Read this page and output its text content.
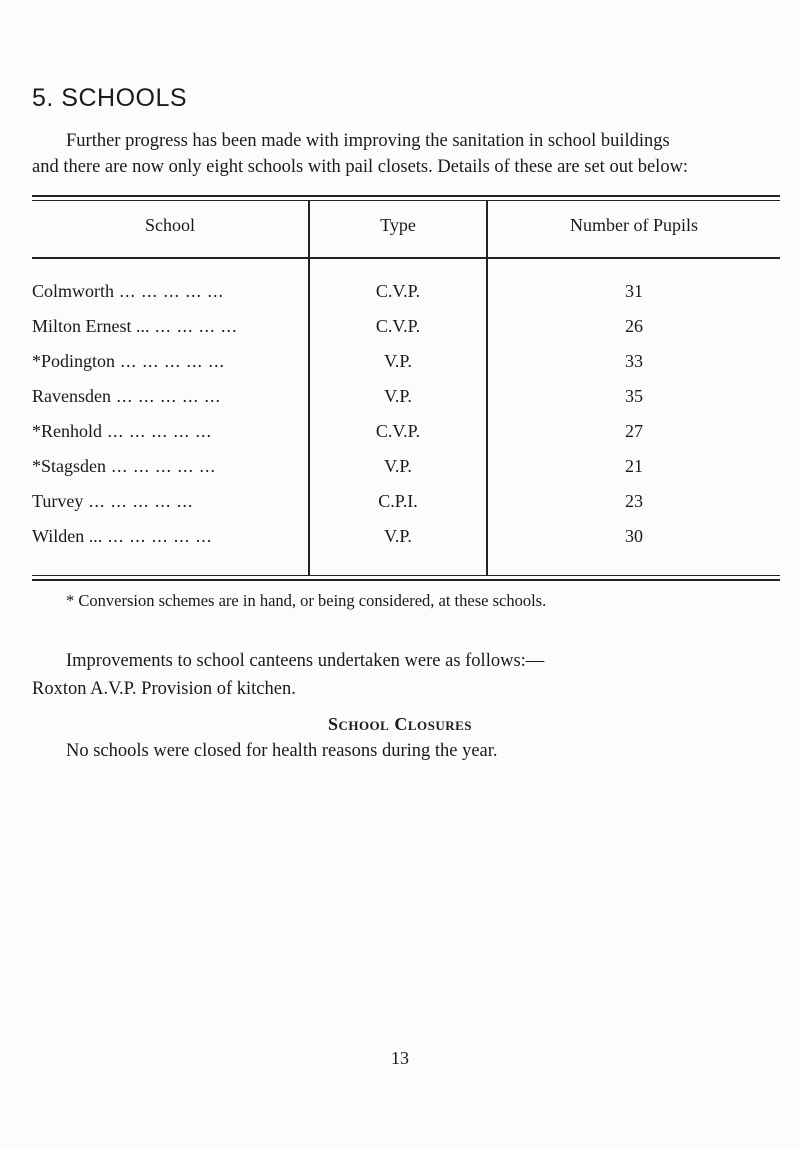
5. SCHOOLS

Further progress has been made with improving the sanitation in school buildings
and there are now only eight schools with pail closets. Details of these are set out below:

School	Type	Number of Pupils
Colmworth ... ... ... ... ...	C.V.P.	31
Milton Ernest ... ... ... ... ...	C.V.P.	26
*Podington ... ... ... ... ...	V.P.	33
Ravensden ... ... ... ... ...	V.P.	35
*Renhold ... ... ... ... ...	C.V.P.	27
*Stagsden ... ... ... ... ...	V.P.	21
Turvey ... ... ... ... ...	C.P.I.	23
Wilden ... ... ... ... ... ...	V.P.	30

* Conversion schemes are in hand, or being considered, at these schools.

Improvements to school canteens undertaken were as follows:—

Roxton A.V.P. Provision of kitchen.

School Closures

No schools were closed for health reasons during the year.

13
